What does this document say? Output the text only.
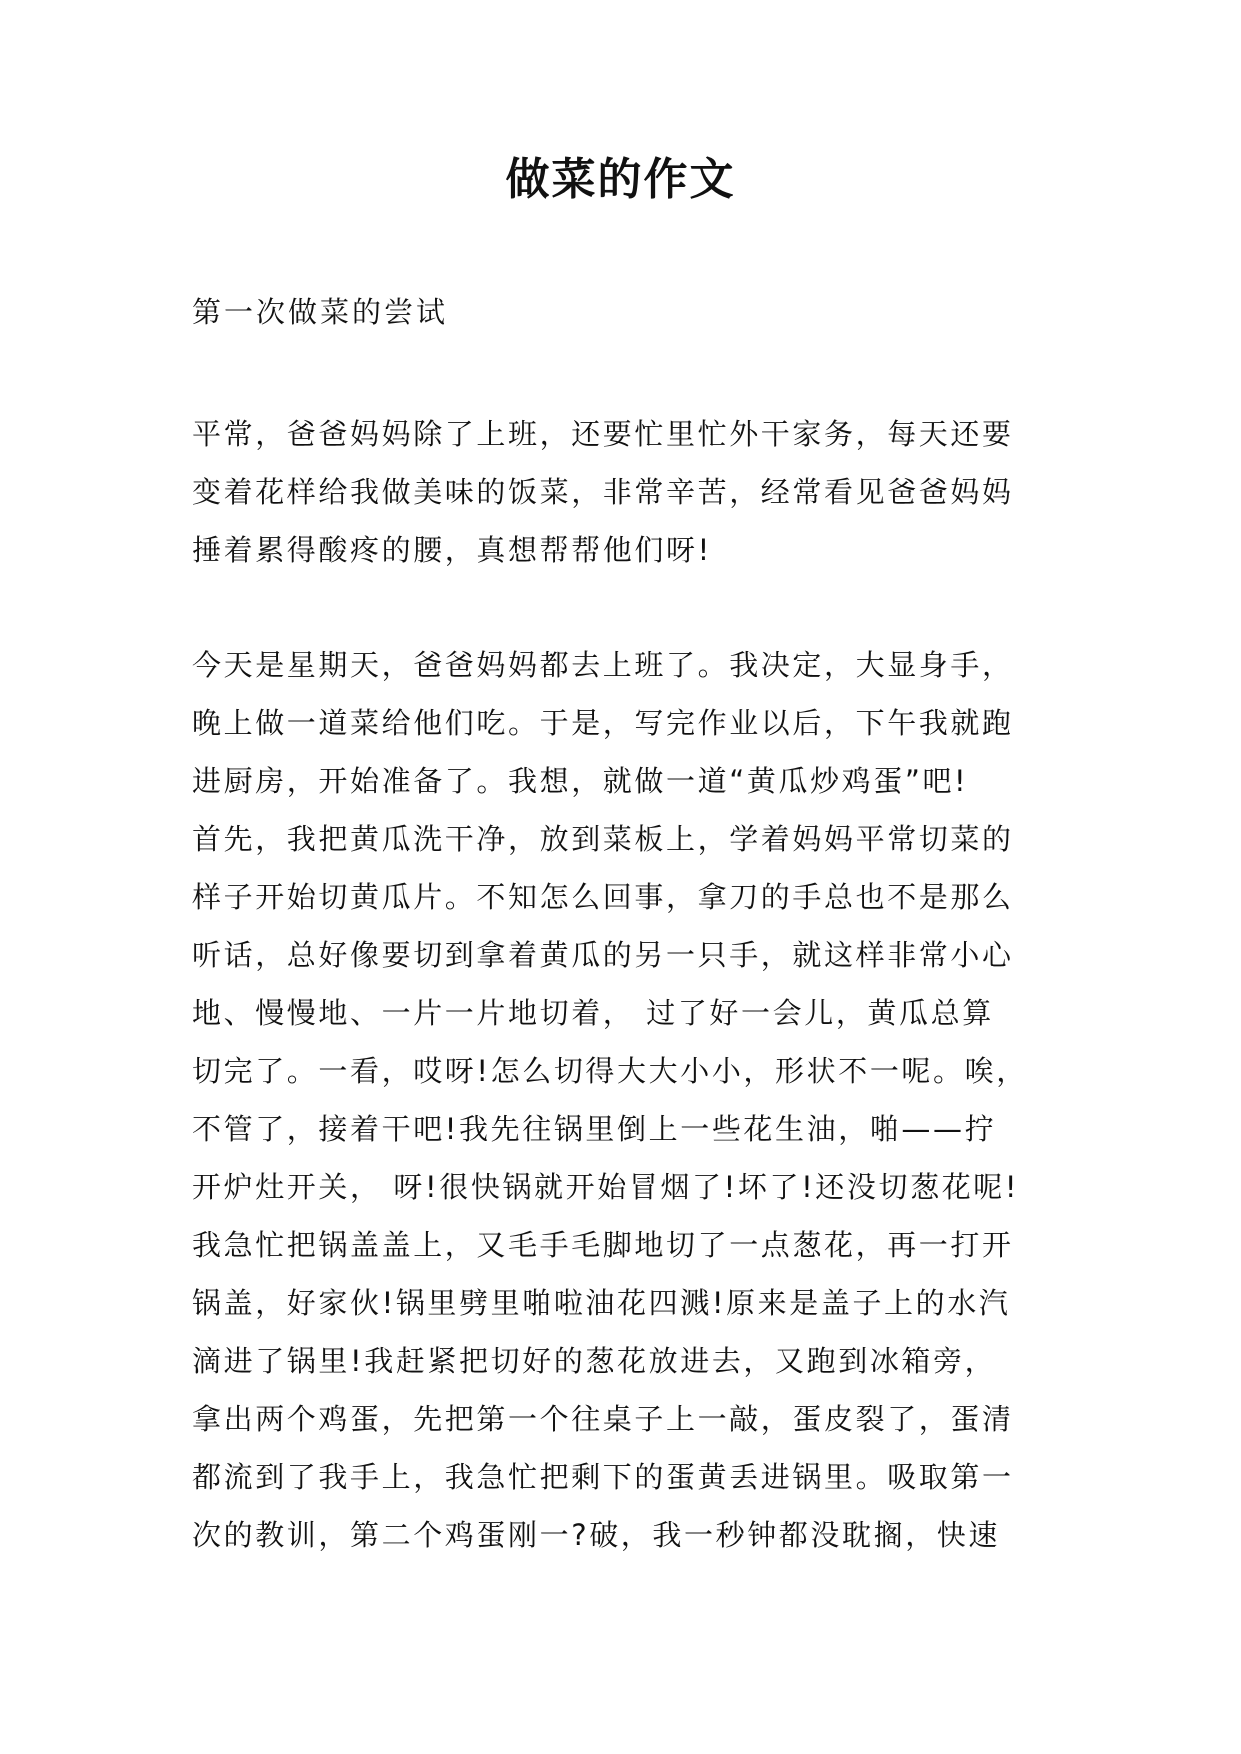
做菜的作文

第一次做菜的尝试

平常，爸爸妈妈除了上班，还要忙里忙外干家务，每天还要
变着花样给我做美味的饭菜，非常辛苦，经常看见爸爸妈妈
捶着累得酸疼的腰，真想帮帮他们呀!
今天是星期天，爸爸妈妈都去上班了。我决定，大显身手，
晚上做一道菜给他们吃。于是，写完作业以后，下午我就跑
进厨房，开始准备了。我想，就做一道“黄瓜炒鸡蛋”吧!
首先，我把黄瓜洗干净，放到菜板上，学着妈妈平常切菜的
样子开始切黄瓜片。不知怎么回事，拿刀的手总也不是那么
听话，总好像要切到拿着黄瓜的另一只手，就这样非常小心
地、慢慢地、一片一片地切着， 过了好一会儿，黄瓜总算
切完了。一看，哎呀!怎么切得大大小小，形状不一呢。唉，
不管了，接着干吧!我先往锅里倒上一些花生油，啪——拧
开炉灶开关， 呀!很快锅就开始冒烟了!坏了!还没切葱花呢!
我急忙把锅盖盖上，又毛手毛脚地切了一点葱花，再一打开
锅盖，好家伙!锅里劈里啪啦油花四溅!原来是盖子上的水汽
滴进了锅里!我赶紧把切好的葱花放进去，又跑到冰箱旁，
拿出两个鸡蛋，先把第一个往桌子上一敲，蛋皮裂了，蛋清
都流到了我手上，我急忙把剩下的蛋黄丢进锅里。吸取第一
次的教训，第二个鸡蛋刚一?破，我一秒钟都没耽搁，快速
